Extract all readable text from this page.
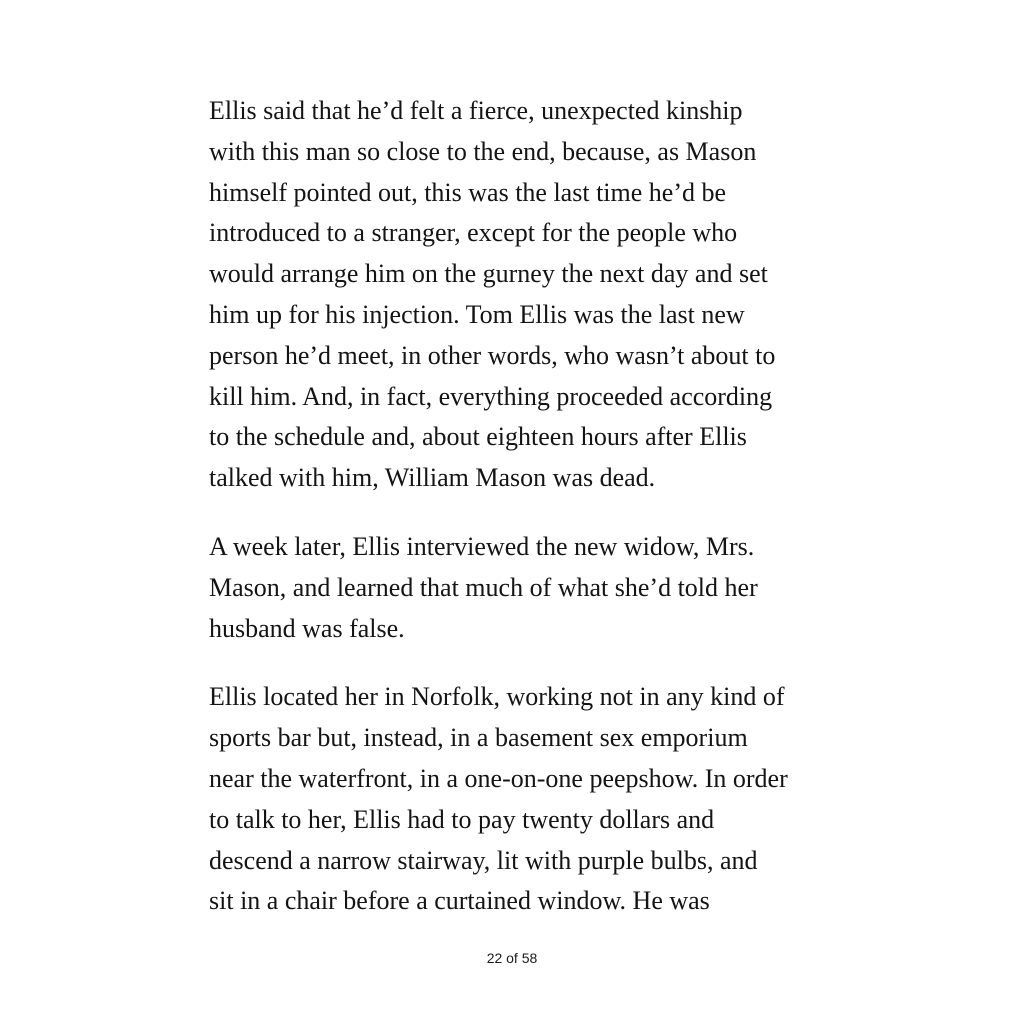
Ellis said that he’d felt a fierce, unexpected kinship
with this man so close to the end, because, as Mason
himself pointed out, this was the last time he’d be
introduced to a stranger, except for the people who
would arrange him on the gurney the next day and set
him up for his injection. Tom Ellis was the last new
person he’d meet, in other words, who wasn’t about to
kill him. And, in fact, everything proceeded according
to the schedule and, about eighteen hours after Ellis
talked with him, William Mason was dead.

A week later, Ellis interviewed the new widow, Mrs.
Mason, and learned that much of what she’d told her
husband was false.

Ellis located her in Norfolk, working not in any kind of
sports bar but, instead, in a basement sex emporium
near the waterfront, in a one-on-one peepshow. In order
to talk to her, Ellis had to pay twenty dollars and
descend a narrow stairway, lit with purple bulbs, and
sit in a chair before a curtained window. He was

22 of 58
